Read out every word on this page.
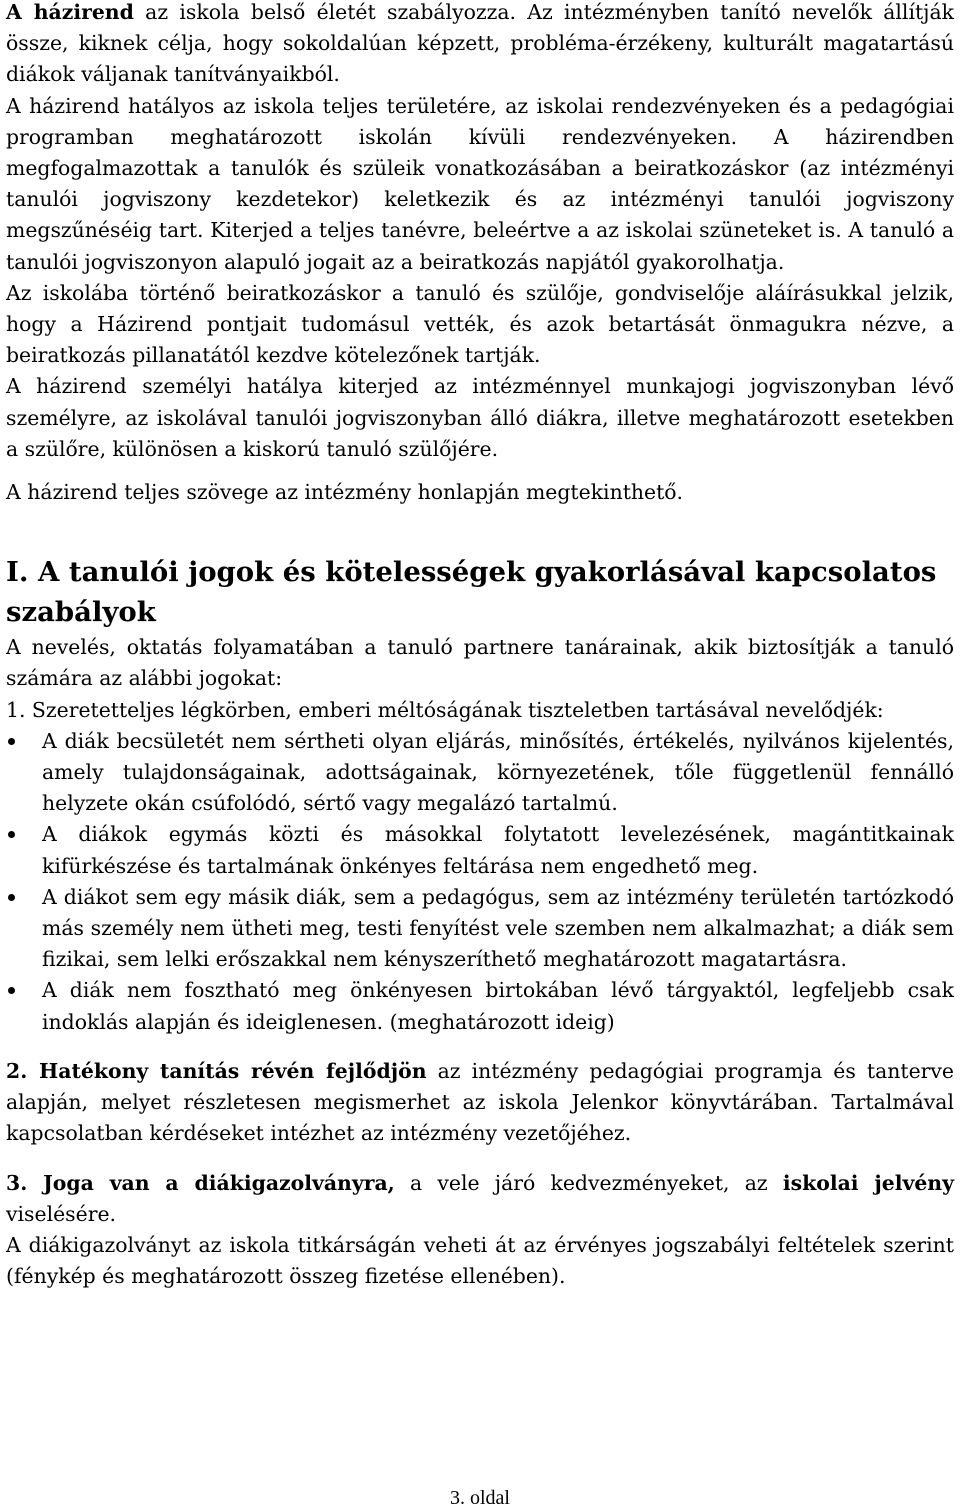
A házirend az iskola belső életét szabályozza. Az intézményben tanító nevelők állítják össze, kiknek célja, hogy sokoldalúan képzett, probléma-érzékeny, kulturált magatartású diákok váljanak tanítványaikból.

A házirend hatályos az iskola teljes területére, az iskolai rendezvényeken és a pedagógiai programban meghatározott iskolán kívüli rendezvényeken. A házirendben megfogalmazottak a tanulók és szüleik vonatkozásában a beiratkozáskor (az intézményi tanulói jogviszony kezdetekor) keletkezik és az intézményi tanulói jogviszony megszűnéséig tart. Kiterjed a teljes tanévre, beleértve a az iskolai szüneteket is. A tanuló a tanulói jogviszonyon alapuló jogait az a beiratkozás napjától gyakorolhatja.

Az iskolába történő beiratkozáskor a tanuló és szülője, gondviselője aláírásukkal jelzik, hogy a Házirend pontjait tudomásul vették, és azok betartását önmagukra nézve, a beiratkozás pillanatától kezdve kötelezőnek tartják.

A házirend személyi hatálya kiterjed az intézménnyel munkajogi jogviszonyban lévő személyre, az iskolával tanulói jogviszonyban álló diákra, illetve meghatározott esetekben a szülőre, különösen a kiskorú tanuló szülőjére.

A házirend teljes szövege az intézmény honlapján megtekinthető.

I. A tanulói jogok és kötelességek gyakorlásával kapcsolatos szabályok

A nevelés, oktatás folyamatában a tanuló partnere tanárainak, akik biztosítják a tanuló számára az alábbi jogokat:

1. Szeretetteljes légkörben, emberi méltóságának tiszteletben tartásával nevelődjék:

A diák becsületét nem sértheti olyan eljárás, minősítés, értékelés, nyilvános kijelentés, amely tulajdonságainak, adottságainak, környezetének, tőle függetlenül fennálló helyzete okán csúfolódó, sértő vagy megalázó tartalmú.

A diákok egymás közti és másokkal folytatott levelezésének, magántitkainak kifürkészése és tartalmának önkényes feltárása nem engedhető meg.

A diákot sem egy másik diák, sem a pedagógus, sem az intézmény területén tartózkodó más személy nem ütheti meg, testi fenyítést vele szemben nem alkalmazhat; a diák sem fizikai, sem lelki erőszakkal nem kényszeríthető meghatározott magatartásra.

A diák nem fosztható meg önkényesen birtokában lévő tárgyaktól, legfeljebb csak indoklás alapján és ideiglenesen. (meghatározott ideig)

2. Hatékony tanítás révén fejlődjön az intézmény pedagógiai programja és tanterve alapján, melyet részletesen megismerhet az iskola Jelenkor könyvtárában. Tartalmával kapcsolatban kérdéseket intézhet az intézmény vezetőjéhez.

3. Joga van a diákigazolványra, a vele járó kedvezményeket, az iskolai jelvény viselésére.

A diákigazolványt az iskola titkárságán veheti át az érvényes jogszabályi feltételek szerint (fénykép és meghatározott összeg fizetése ellenében).

3. oldal
